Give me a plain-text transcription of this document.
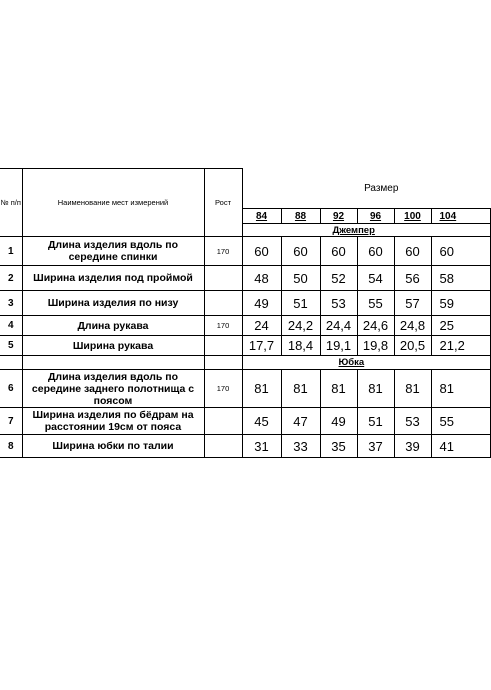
№ п/п	Наименование мест измерений	Рост	Размер					
			84	88	92	96	100	104
			Джемпер					
1	Длина изделия вдоль по середине спинки	170	60	60	60	60	60	60
2	Ширина изделия под проймой		48	50	52	54	56	58
3	Ширина изделия по низу		49	51	53	55	57	59
4	Длина рукава	170	24	24,2	24,4	24,6	24,8	25
5	Ширина рукава		17,7	18,4	19,1	19,8	20,5	21,2
			Юбка					
6	Длина изделия вдоль по середине заднего полотнища с поясом	170	81	81	81	81	81	81
7	Ширина изделия по бёдрам на расстоянии 19см от пояса		45	47	49	51	53	55
8	Ширина юбки по талии		31	33	35	37	39	41
